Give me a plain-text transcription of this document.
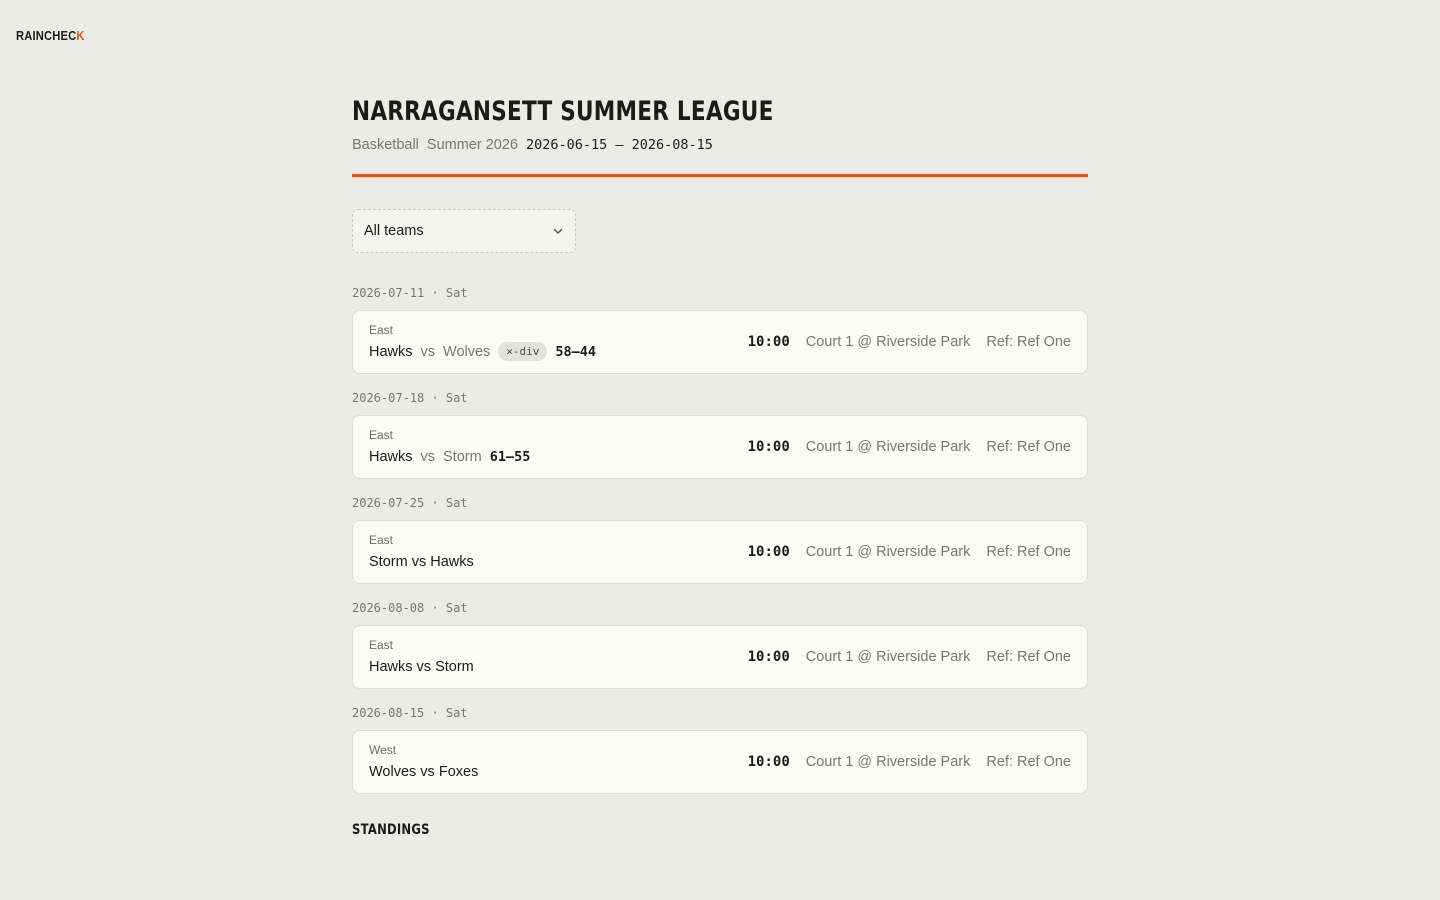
RAINCHECK
NARRAGANSETT SUMMER LEAGUE
Basketball Summer 2026 2026-06-15 – 2026-08-15
All teams
2026-07-11 · Sat
East
Hawks vs Wolves	×-div	58–44
10:00 Court 1 @ Riverside Park Ref: Ref One
2026-07-18 · Sat
East
Hawks vs Storm 61–55
10:00 Court 1 @ Riverside Park Ref: Ref One
2026-07-25 · Sat
East
Storm vs Hawks
10:00 Court 1 @ Riverside Park Ref: Ref One
2026-08-08 · Sat
East
Hawks vs Storm
10:00 Court 1 @ Riverside Park Ref: Ref One
2026-08-15 · Sat
West
Wolves vs Foxes
10:00 Court 1 @ Riverside Park Ref: Ref One
STANDINGS
